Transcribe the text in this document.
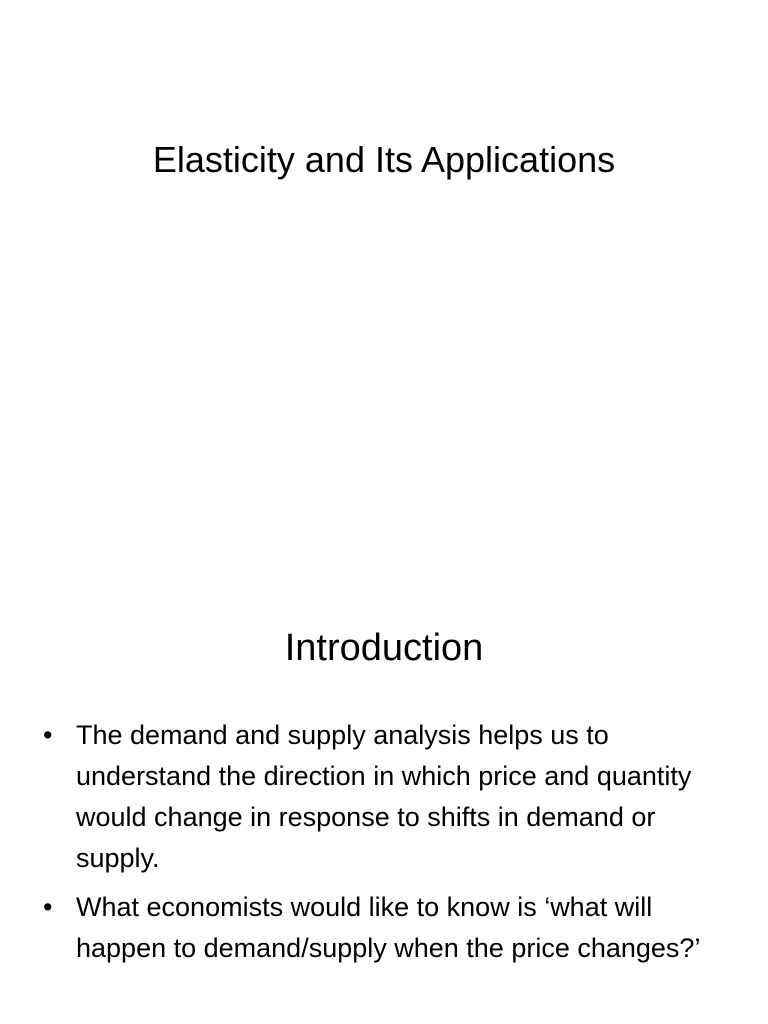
Elasticity and Its Applications
Introduction
• The demand and supply analysis helps us to understand the direction in which price and quantity would change in response to shifts in demand or supply.
• What economists would like to know is ‘what will happen to demand/supply when the price changes?’
